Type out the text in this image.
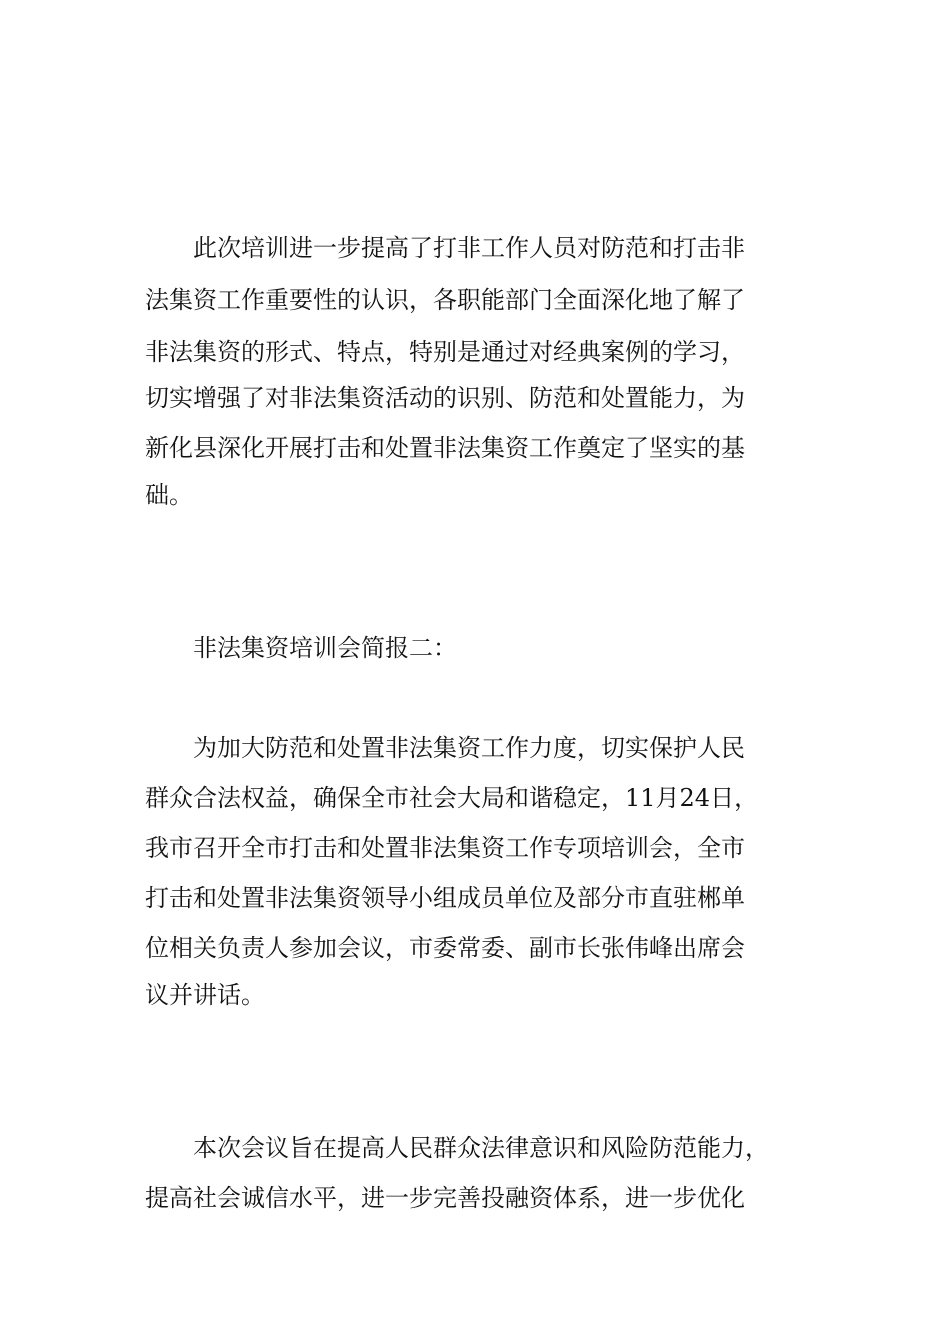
　　此次培训进一步提高了打非工作人员对防范和打击非

法集资工作重要性的认识，各职能部门全面深化地了解了

非法集资的形式、特点，特别是通过对经典案例的学习，

切实增强了对非法集资活动的识别、防范和处置能力，为

新化县深化开展打击和处置非法集资工作奠定了坚实的基

础。

　　非法集资培训会简报二：

　　为加大防范和处置非法集资工作力度，切实保护人民

群众合法权益，确保全市社会大局和谐稳定，11月24日，

我市召开全市打击和处置非法集资工作专项培训会，全市

打击和处置非法集资领导小组成员单位及部分市直驻郴单

位相关负责人参加会议，市委常委、副市长张伟峰出席会

议并讲话。

　　本次会议旨在提高人民群众法律意识和风险防范能力，

提高社会诚信水平，进一步完善投融资体系，进一步优化
